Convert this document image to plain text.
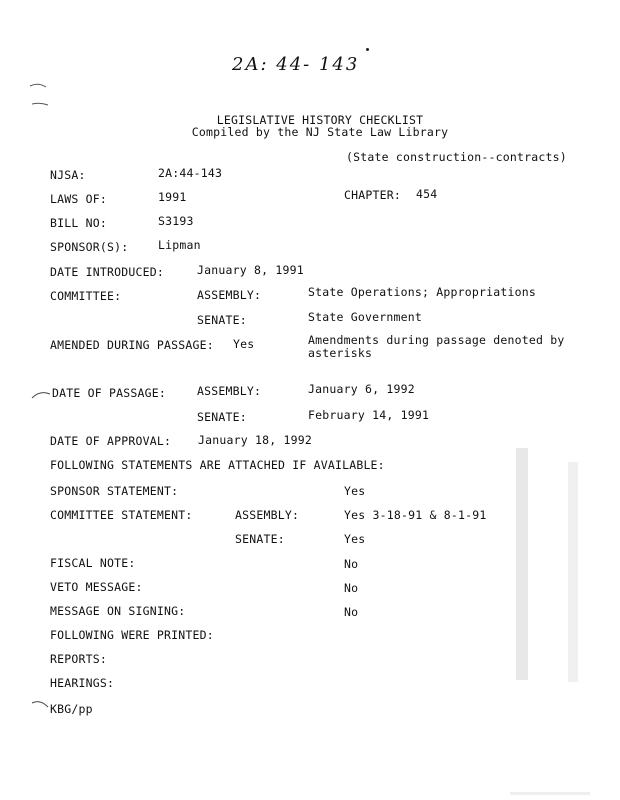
2A: 44- 143
LEGISLATIVE HISTORY CHECKLIST
Compiled by the NJ State Law Library
(State construction--contracts)
NJSA:	2A:44-143
LAWS OF:	1991	CHAPTER: 454
BILL NO:	S3193
SPONSOR(S):	Lipman
DATE INTRODUCED:	January 8, 1991
COMMITTEE:	ASSEMBLY:	State Operations; Appropriations
SENATE:	State Government
AMENDED DURING PASSAGE: Yes	Amendments during passage denoted by
asterisks
DATE OF PASSAGE:	ASSEMBLY:	January 6, 1992
SENATE:	February 14, 1991
DATE OF APPROVAL: January 18, 1992
FOLLOWING STATEMENTS ARE ATTACHED IF AVAILABLE:
SPONSOR STATEMENT:	Yes
COMMITTEE STATEMENT:	ASSEMBLY:	Yes 3-18-91 & 8-1-91
SENATE:	Yes
FISCAL NOTE:	No
VETO MESSAGE:	No
MESSAGE ON SIGNING:	No
FOLLOWING WERE PRINTED:
REPORTS:
HEARINGS:
KBG/pp
